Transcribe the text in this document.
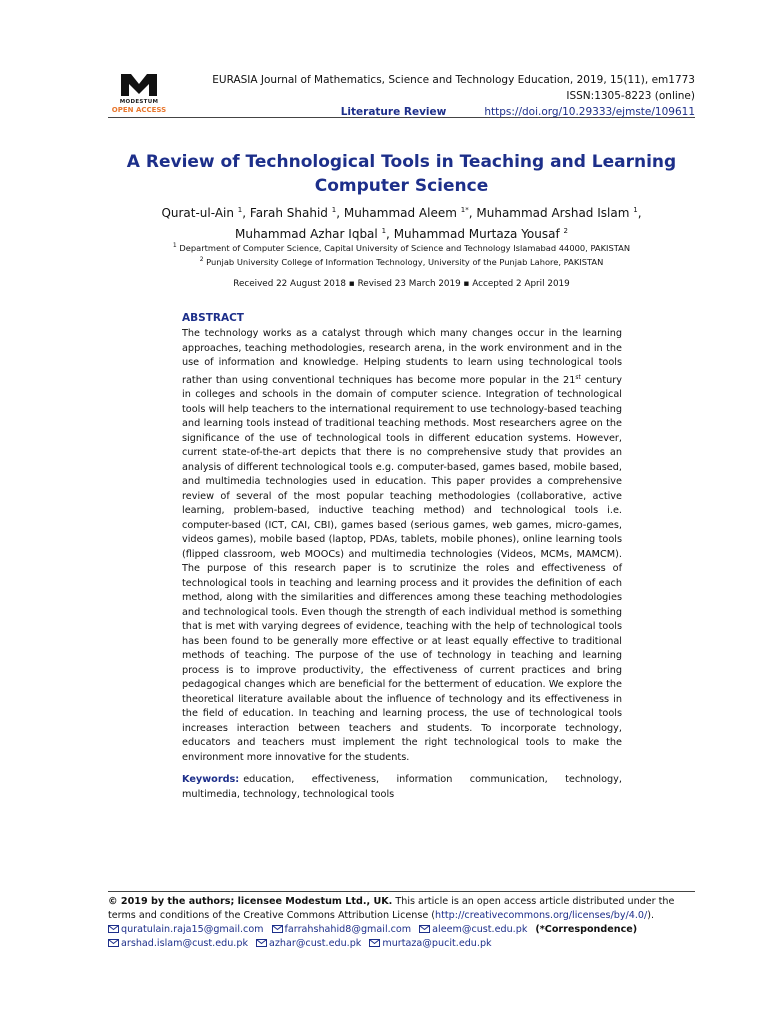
MODESTUM
OPEN ACCESS
EURASIA Journal of Mathematics, Science and Technology Education, 2019, 15(11), em1773
ISSN:1305-8223 (online)
Literature Review	https://doi.org/10.29333/ejmste/109611
A Review of Technological Tools in Teaching and Learning Computer Science
Qurat-ul-Ain $^1$, Farah Shahid $^1$, Muhammad Aleem $^{1*}$, Muhammad Arshad Islam $^1$,
Muhammad Azhar Iqbal $^1$, Muhammad Murtaza Yousaf $^2$
$^1$ Department of Computer Science, Capital University of Science and Technology Islamabad 44000, PAKISTAN
$^2$ Punjab University College of Information Technology, University of the Punjab Lahore, PAKISTAN
Received 22 August 2018 ▪ Revised 23 March 2019 ▪ Accepted 2 April 2019
ABSTRACT
The technology works as a catalyst through which many changes occur in the learning approaches, teaching methodologies, research arena, in the work environment and in the use of information and knowledge. Helping students to learn using technological tools rather than using conventional techniques has become more popular in the 21st century in colleges and schools in the domain of computer science. Integration of technological tools will help teachers to the international requirement to use technology-based teaching and learning tools instead of traditional teaching methods. Most researchers agree on the significance of the use of technological tools in different education systems. However, current state-of-the-art depicts that there is no comprehensive study that provides an analysis of different technological tools e.g. computer-based, games based, mobile based, and multimedia technologies used in education. This paper provides a comprehensive review of several of the most popular teaching methodologies (collaborative, active learning, problem-based, inductive teaching method) and technological tools i.e. computer-based (ICT, CAI, CBI), games based (serious games, web games, micro-games, videos games), mobile based (laptop, PDAs, tablets, mobile phones), online learning tools (flipped classroom, web MOOCs) and multimedia technologies (Videos, MCMs, MAMCM). The purpose of this research paper is to scrutinize the roles and effectiveness of technological tools in teaching and learning process and it provides the definition of each method, along with the similarities and differences among these teaching methodologies and technological tools. Even though the strength of each individual method is something that is met with varying degrees of evidence, teaching with the help of technological tools has been found to be generally more effective or at least equally effective to traditional methods of teaching. The purpose of the use of technology in teaching and learning process is to improve productivity, the effectiveness of current practices and bring pedagogical changes which are beneficial for the betterment of education. We explore the theoretical literature available about the influence of technology and its effectiveness in the field of education. In teaching and learning process, the use of technological tools increases interaction between teachers and students. To incorporate technology, educators and teachers must implement the right technological tools to make the environment more innovative for the students.
Keywords: education, effectiveness, information communication, technology, multimedia, technology, technological tools
© 2019 by the authors; licensee Modestum Ltd., UK. This article is an open access article distributed under the terms and conditions of the Creative Commons Attribution License (http://creativecommons.org/licenses/by/4.0/).
quratulain.raja15@gmail.com farrahshahid8@gmail.com aleem@cust.edu.pk (*Correspondence)
arshad.islam@cust.edu.pk azhar@cust.edu.pk murtaza@pucit.edu.pk
